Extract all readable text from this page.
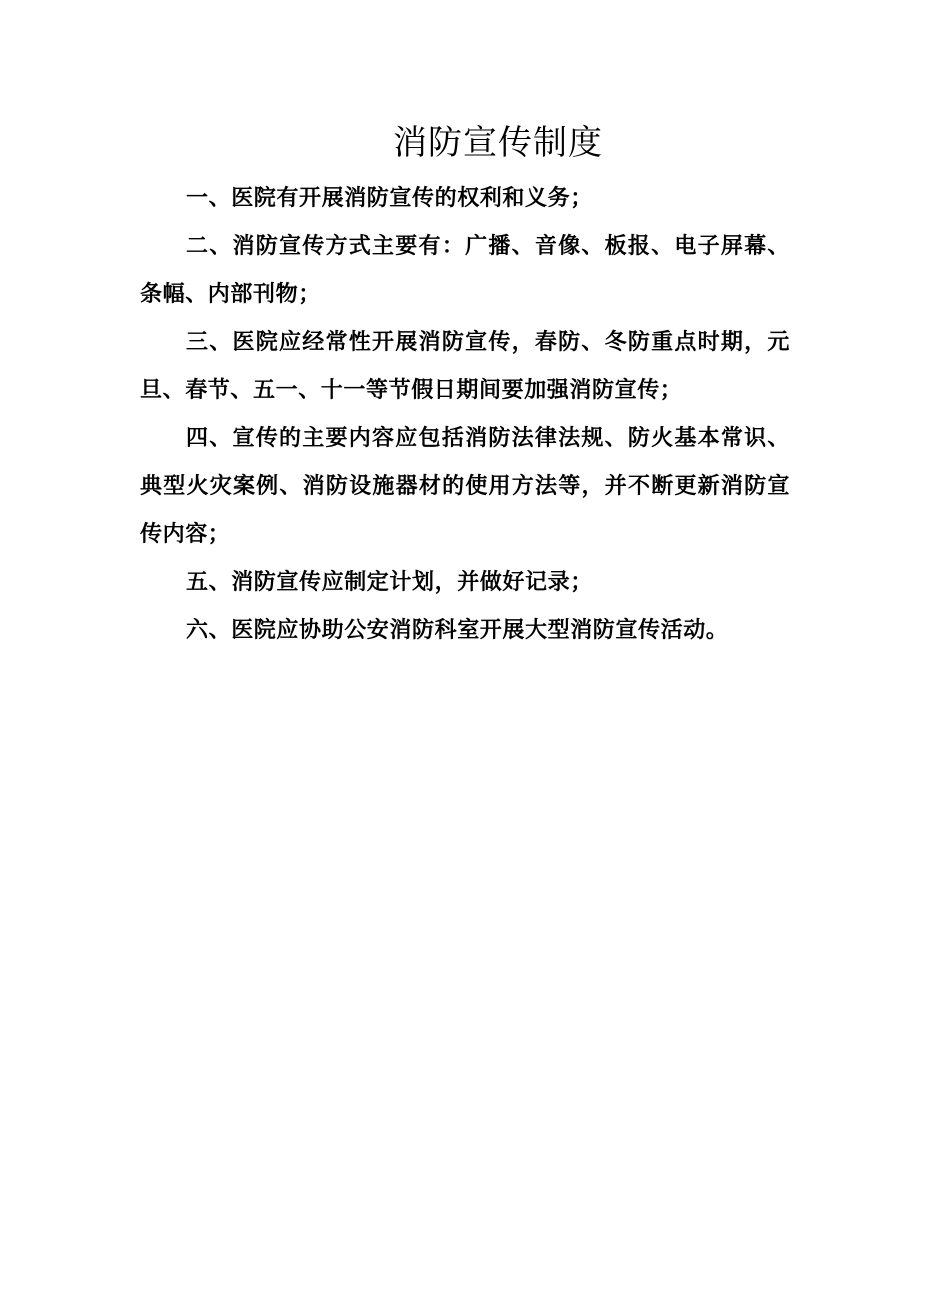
消防宣传制度

一、医院有开展消防宣传的权利和义务；

二、消防宣传方式主要有：广播、音像、板报、电子屏幕、条幅、内部刊物；

三、医院应经常性开展消防宣传，春防、冬防重点时期，元旦、春节、五一、十一等节假日期间要加强消防宣传；

四、宣传的主要内容应包括消防法律法规、防火基本常识、典型火灾案例、消防设施器材的使用方法等，并不断更新消防宣传内容；

五、消防宣传应制定计划，并做好记录；

六、医院应协助公安消防科室开展大型消防宣传活动。
